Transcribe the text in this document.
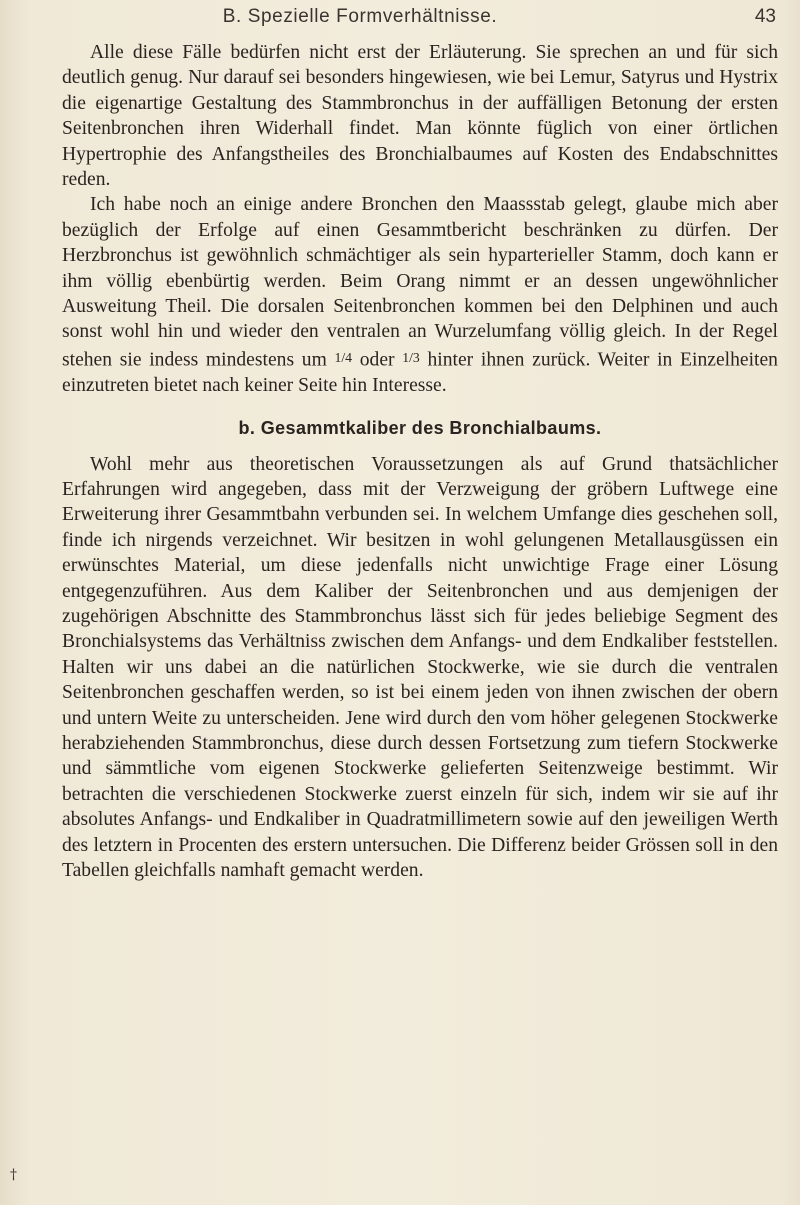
B. Spezielle Formverhältnisse.	43

Alle diese Fälle bedürfen nicht erst der Erläuterung. Sie sprechen an und für sich deutlich genug. Nur darauf sei besonders hingewiesen, wie bei Lemur, Satyrus und Hystrix die eigenartige Gestaltung des Stammbronchus in der auffälligen Betonung der ersten Seitenbronchen ihren Widerhall findet. Man könnte füglich von einer örtlichen Hypertrophie des Anfangstheiles des Bronchialbaumes auf Kosten des Endabschnittes reden.

Ich habe noch an einige andere Bronchen den Maassstab gelegt, glaube mich aber bezüglich der Erfolge auf einen Gesammtbericht beschränken zu dürfen. Der Herzbronchus ist gewöhnlich schmächtiger als sein hyparterieller Stamm, doch kann er ihm völlig ebenbürtig werden. Beim Orang nimmt er an dessen ungewöhnlicher Ausweitung Theil. Die dorsalen Seitenbronchen kommen bei den Delphinen und auch sonst wohl hin und wieder den ventralen an Wurzelumfang völlig gleich. In der Regel stehen sie indess mindestens um 1/4 oder 1/3 hinter ihnen zurück. Weiter in Einzelheiten einzutreten bietet nach keiner Seite hin Interesse.

b. Gesammtkaliber des Bronchialbaums.

Wohl mehr aus theoretischen Voraussetzungen als auf Grund thatsächlicher Erfahrungen wird angegeben, dass mit der Verzweigung der gröbern Luftwege eine Erweiterung ihrer Gesammtbahn verbunden sei. In welchem Umfange dies geschehen soll, finde ich nirgends verzeichnet. Wir besitzen in wohl gelungenen Metallausgüssen ein erwünschtes Material, um diese jedenfalls nicht unwichtige Frage einer Lösung entgegenzuführen. Aus dem Kaliber der Seitenbronchen und aus demjenigen der zugehörigen Abschnitte des Stammbronchus lässt sich für jedes beliebige Segment des Bronchialsystems das Verhältniss zwischen dem Anfangs- und dem Endkaliber feststellen. Halten wir uns dabei an die natürlichen Stockwerke, wie sie durch die ventralen Seitenbronchen geschaffen werden, so ist bei einem jeden von ihnen zwischen der obern und untern Weite zu unterscheiden. Jene wird durch den vom höher gelegenen Stockwerke herabziehenden Stammbronchus, diese durch dessen Fortsetzung zum tiefern Stockwerke und sämmtliche vom eigenen Stockwerke gelieferten Seitenzweige bestimmt. Wir betrachten die verschiedenen Stockwerke zuerst einzeln für sich, indem wir sie auf ihr absolutes Anfangs- und Endkaliber in Quadratmillimetern sowie auf den jeweiligen Werth des letztern in Procenten des erstern untersuchen. Die Differenz beider Grössen soll in den Tabellen gleichfalls namhaft gemacht werden.

†
